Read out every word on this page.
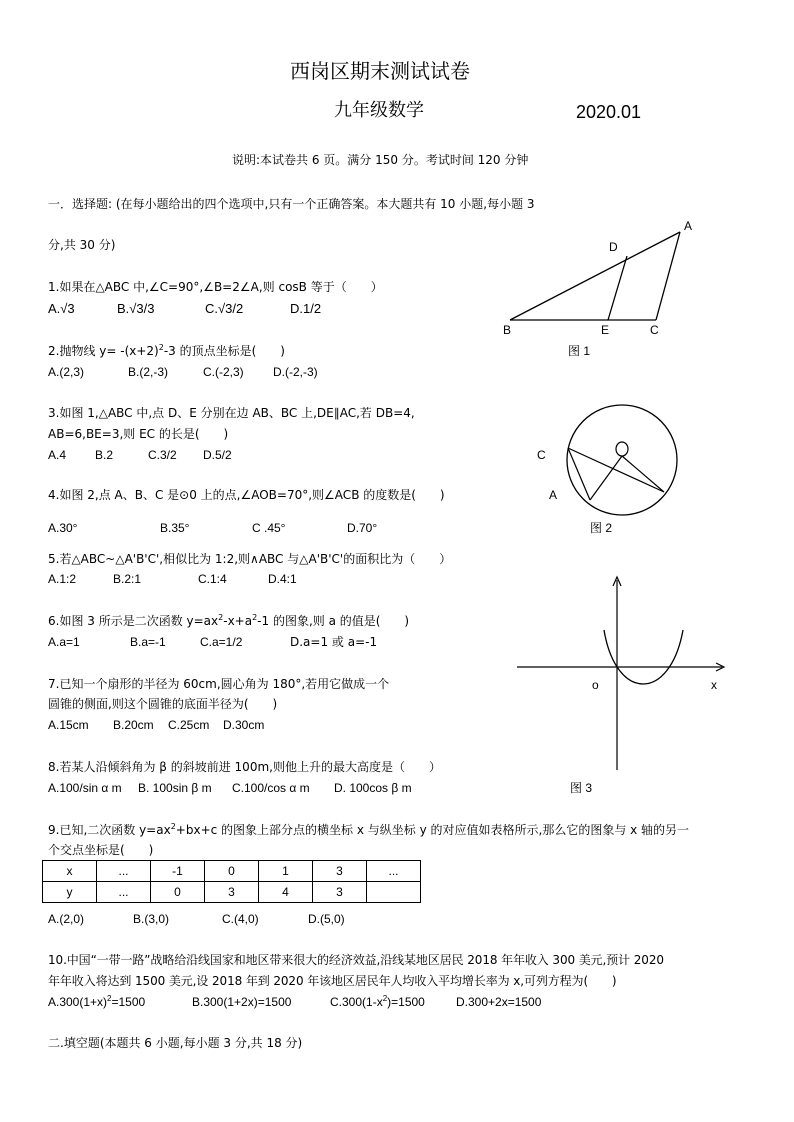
西岗区期末测试试卷
九年级数学	2020.01
说明:本试卷共 6 页。满分 150 分。考试时间 120 分钟
一．选择题: (在每小题给出的四个选项中,只有一个正确答案。本大题共有 10 小题,每小题 3
分,共 30 分)
1.如果在△ABC 中,∠C=90°,∠B=2∠A,则 cosB 等于（　　）
A.√3	B.√3/3	C.√3/2	D.1/2
2.抛物线 $y= -(x+2)^2-3$ 的顶点坐标是(　　)
A.(2,3)	B.(2,-3)	C.(-2,3) D.(-2,-3)
3.如图 1,△ABC 中,点 D、E 分别在边 AB、BC 上,DE∥AC,若 DB=4,
AB=6,BE=3,则 EC 的长是(　　)
A.4 B.2	C.3/2 D.5/2
4.如图 2,点 A、B、C 是⊙0 上的点,∠AOB=70°,则∠ACB 的度数是(　　)
A.30°	B.35°	C .45°	D.70°
5.若△ABC~△A'B'C',相似比为 1:2,则∧ABC 与△A'B'C'的面积比为（　　）
A.1:2	B.2:1	C.1:4	D.4:1
6.如图 3 所示是二次函数 $y=ax^2-x+a^2-1$ 的图象,则 a 的值是(　　)
A.a=1	B.a=-1	C.a=1/2	D.a=1 或 a=-1
7.已知一个扇形的半径为 60cm,圆心角为 180°,若用它做成一个
圆锥的侧面,则这个圆锥的底面半径为(　　)
A.15cm B.20cm C.25cm D.30cm
8.若某人沿倾斜角为 β 的斜坡前进 100m,则他上升的最大高度是（　　）
A.100/sin α m B. 100sin β m C.100/cos α m D. 100cos β m
9.已知,二次函数 $y=ax^2+bx+c$ 的图象上部分点的横坐标 x 与纵坐标 y 的对应值如表格所示,那么它的图象与 x 轴的另一
个交点坐标是(　　)
x	...	-1	0	1	3	...
y	...	0	3	4	3	
A.(2,0)	B.(3,0)	C.(4,0)	D.(5,0)
10.中国“一带一路”战略给沿线国家和地区带来很大的经济效益,沿线某地区居民 2018 年年收入 300 美元,预计 2020
年年收入将达到 1500 美元,设 2018 年到 2020 年该地区居民年人均收入平均增长率为 x,可列方程为(　　)
$A.300(1+x)^2=1500$	B.300(1+2x)=1500	$C.300(1-x^2)=1500$	D.300+2x=1500
二.填空题(本题共 6 小题,每小题 3 分,共 18 分)
A
D
B	E	C
图 1
C
A
图 2
o	x
图 3
